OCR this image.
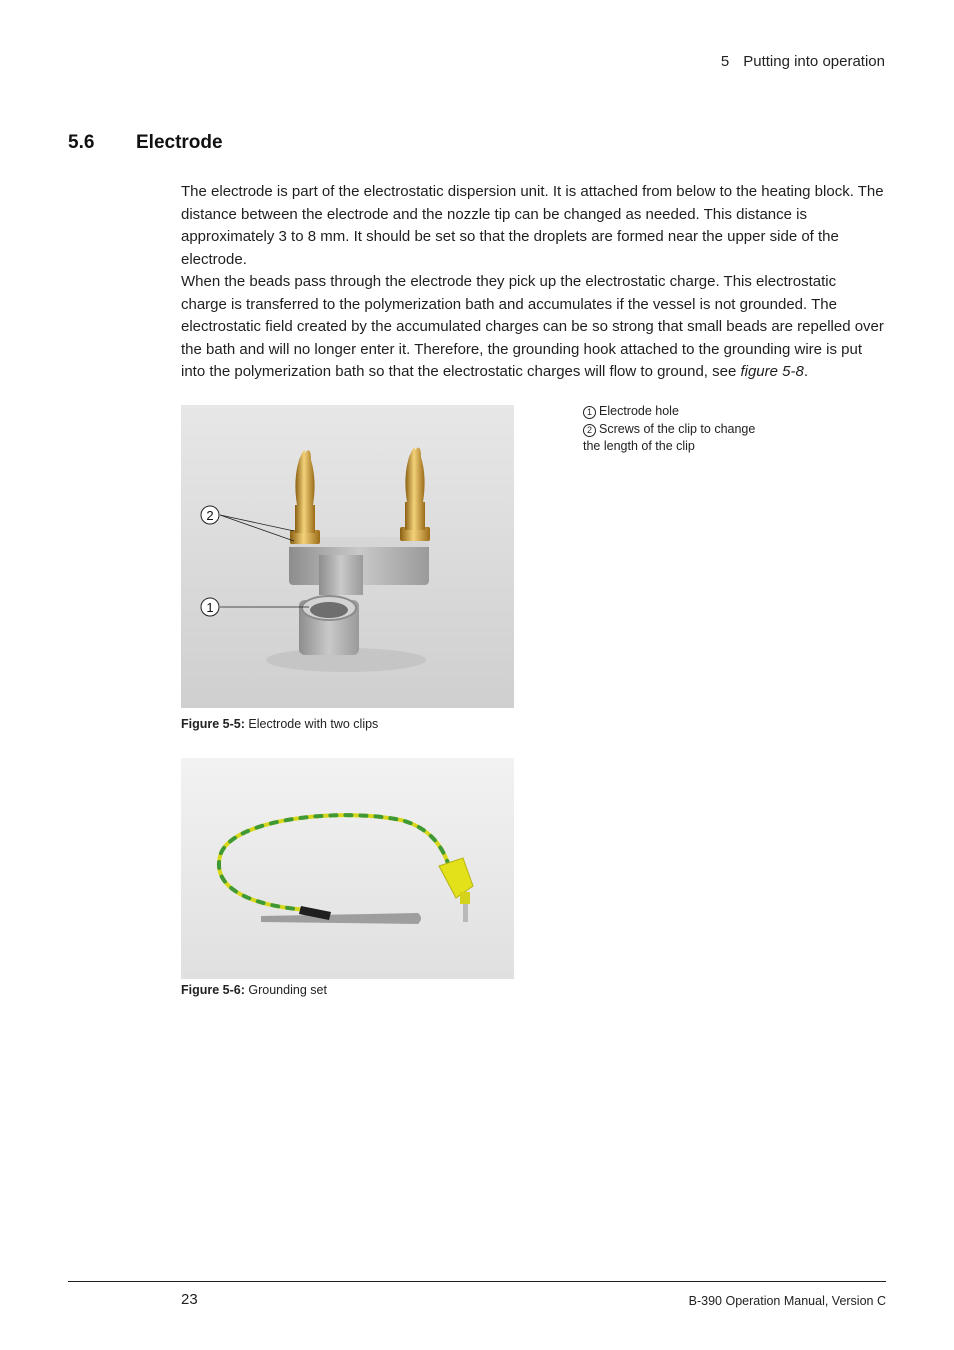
5 Putting into operation
5.6 Electrode

The electrode is part of the electrostatic dispersion unit. It is attached from below to the heating block. The distance between the electrode and the nozzle tip can be changed as needed. This distance is approximately 3 to 8 mm. It should be set so that the droplets are formed near the upper side of the electrode.

When the beads pass through the electrode they pick up the electrostatic charge. This electrostatic charge is transferred to the polymerization bath and accumulates if the vessel is not grounded. The electrostatic field created by the accumulated charges can be so strong that small beads are repelled over the bath and will no longer enter it. Therefore, the grounding hook attached to the grounding wire is put into the polymerization bath so that the electrostatic charges will flow to ground, see figure 5-8.

1 Electrode hole
2 Screws of the clip to change
the length of the clip
2
1
Figure 5-5: Electrode with two clips
Figure 5-6: Grounding set
23	B-390 Operation Manual, Version C
